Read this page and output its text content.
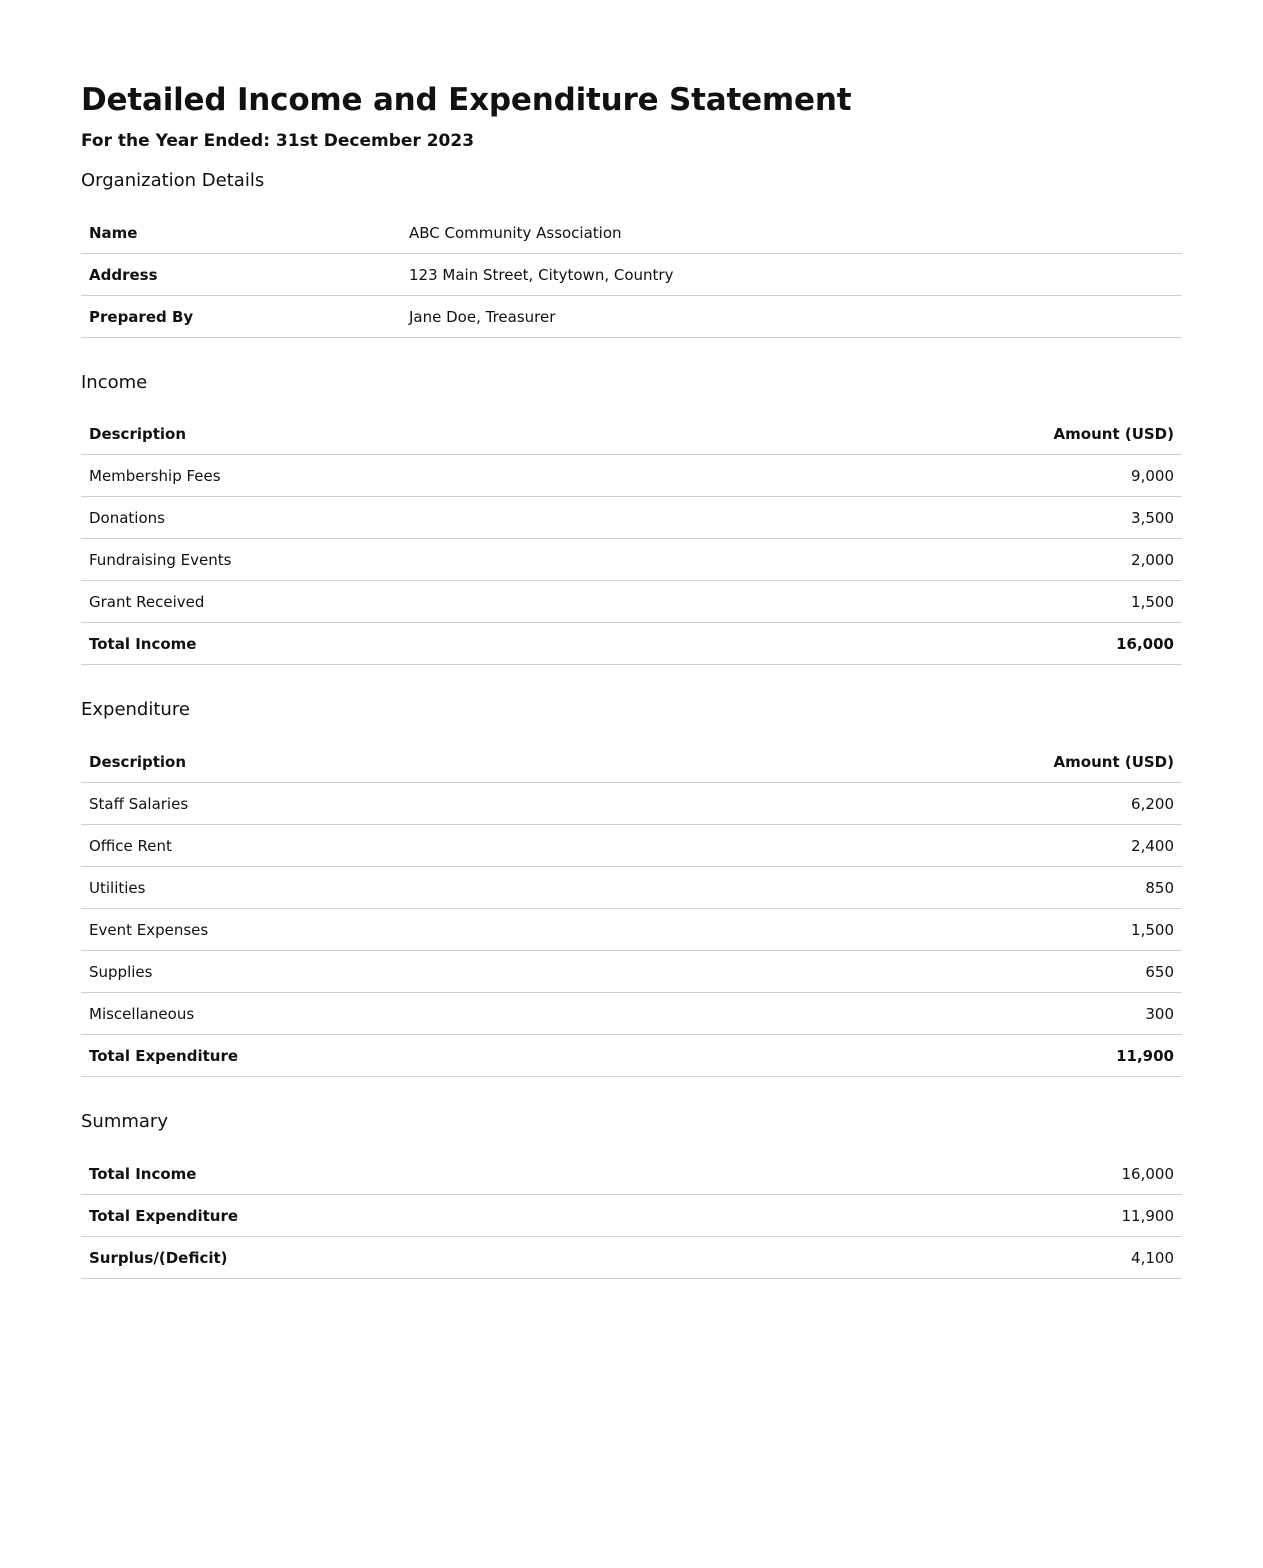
Detailed Income and Expenditure Statement
For the Year Ended: 31st December 2023
Organization Details
Name	ABC Community Association
Address	123 Main Street, Citytown, Country
Prepared By	Jane Doe, Treasurer
Income
Description	Amount (USD)
Membership Fees	9,000
Donations	3,500
Fundraising Events	2,000
Grant Received	1,500
Total Income	16,000
Expenditure
Description	Amount (USD)
Staff Salaries	6,200
Office Rent	2,400
Utilities	850
Event Expenses	1,500
Supplies	650
Miscellaneous	300
Total Expenditure	11,900
Summary
Total Income	16,000
Total Expenditure	11,900
Surplus/(Deficit)	4,100
